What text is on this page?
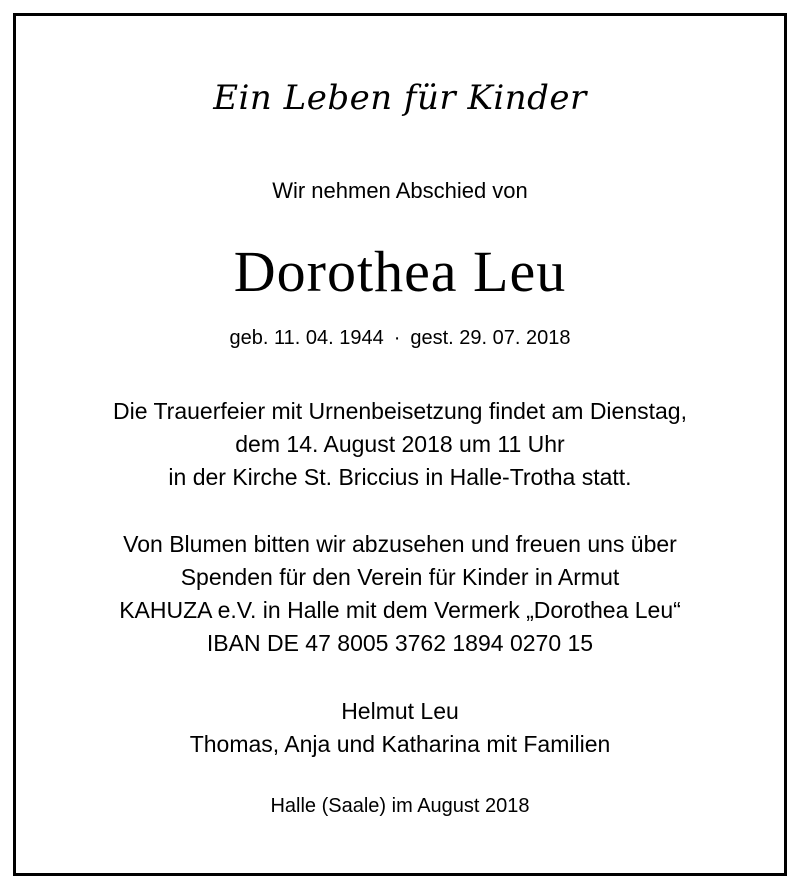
Ein Leben für Kinder
Wir nehmen Abschied von
Dorothea Leu
geb. 11. 04. 1944 · gest. 29. 07. 2018
Die Trauerfeier mit Urnenbeisetzung findet am Dienstag,
dem 14. August 2018 um 11 Uhr
in der Kirche St. Briccius in Halle-Trotha statt.
Von Blumen bitten wir abzusehen und freuen uns über
Spenden für den Verein für Kinder in Armut
KAHUZA e.V. in Halle mit dem Vermerk „Dorothea Leu“
IBAN DE 47 8005 3762 1894 0270 15
Helmut Leu
Thomas, Anja und Katharina mit Familien
Halle (Saale) im August 2018
